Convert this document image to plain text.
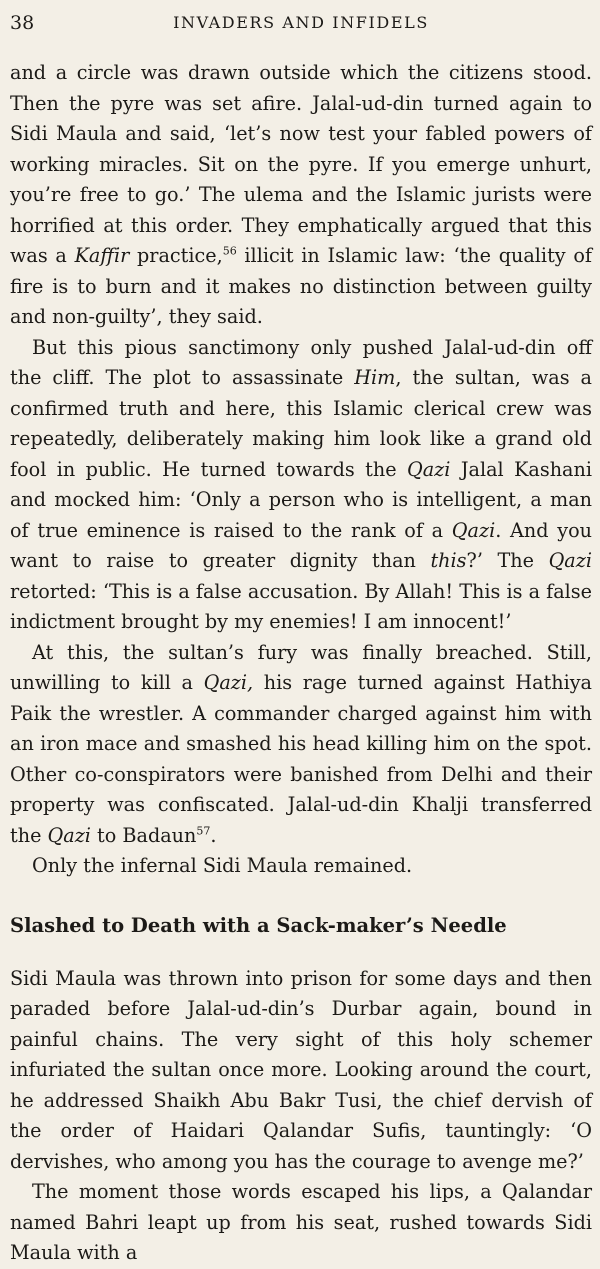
38	INVADERS AND INFIDELS

and a circle was drawn outside which the citizens stood. Then the pyre was set afire. Jalal-ud-din turned again to Sidi Maula and said, ‘let’s now test your fabled powers of working miracles. Sit on the pyre. If you emerge unhurt, you’re free to go.’ The ulema and the Islamic jurists were horrified at this order. They emphatically argued that this was a Kaffir practice,$^{56}$ illicit in Islamic law: ‘the quality of fire is to burn and it makes no distinction between guilty and non-guilty’, they said.

But this pious sanctimony only pushed Jalal-ud-din off the cliff. The plot to assassinate Him, the sultan, was a confirmed truth and here, this Islamic clerical crew was repeatedly, deliberately making him look like a grand old fool in public. He turned towards the Qazi Jalal Kashani and mocked him: ‘Only a person who is intelligent, a man of true eminence is raised to the rank of a Qazi. And you want to raise to greater dignity than this?’ The Qazi retorted: ‘This is a false accusation. By Allah! This is a false indictment brought by my enemies! I am innocent!’

At this, the sultan’s fury was finally breached. Still, unwilling to kill a Qazi, his rage turned against Hathiya Paik the wrestler. A commander charged against him with an iron mace and smashed his head killing him on the spot. Other co-conspirators were banished from Delhi and their property was confiscated. Jalal-ud-din Khalji transferred the Qazi to Badaun$^{57}$.

Only the infernal Sidi Maula remained.

Slashed to Death with a Sack-maker’s Needle

Sidi Maula was thrown into prison for some days and then paraded before Jalal-ud-din’s Durbar again, bound in painful chains. The very sight of this holy schemer infuriated the sultan once more. Looking around the court, he addressed Shaikh Abu Bakr Tusi, the chief dervish of the order of Haidari Qalandar Sufis, tauntingly: ‘O dervishes, who among you has the courage to avenge me?’

The moment those words escaped his lips, a Qalandar named Bahri leapt up from his seat, rushed towards Sidi Maula with a
